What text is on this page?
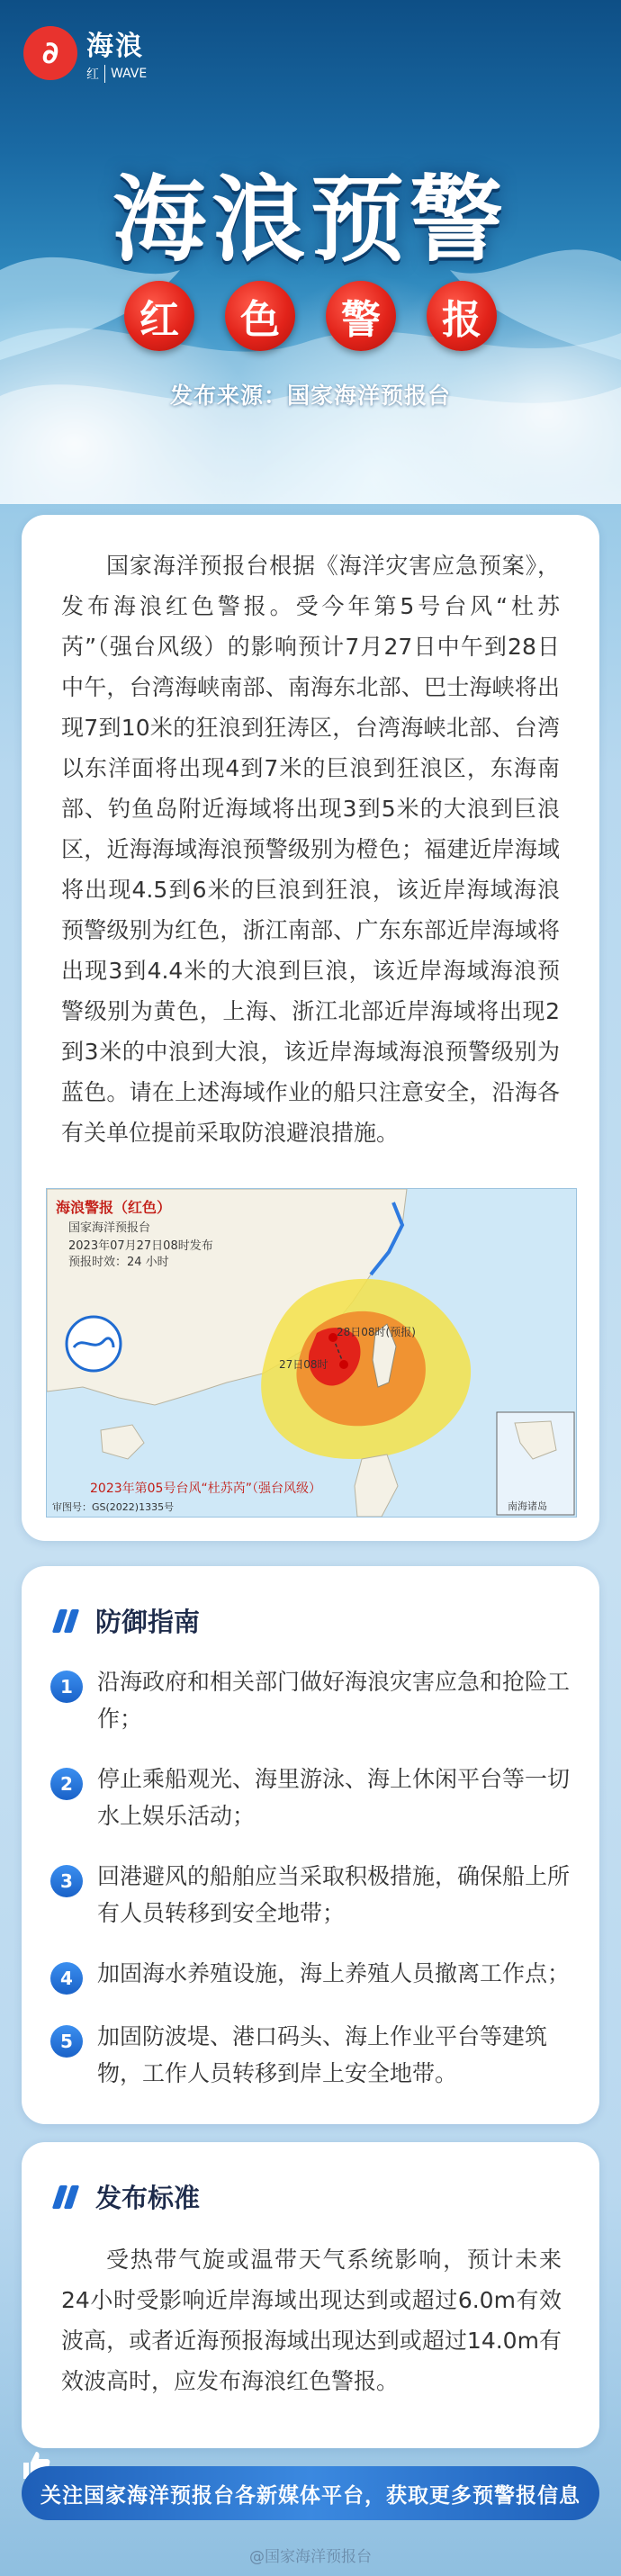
∂	海浪
红 WAVE
海浪预警
红	色	警	报
发布来源：国家海洋预报台
国家海洋预报台根据《海洋灾害应急预案》，发布海浪红色警报。受今年第5号台风“杜苏芮”（强台风级）的影响预计7月27日中午到28日中午，台湾海峡南部、南海东北部、巴士海峡将出现7到10米的狂浪到狂涛区，台湾海峡北部、台湾以东洋面将出现4到7米的巨浪到狂浪区，东海南部、钓鱼岛附近海域将出现3到5米的大浪到巨浪区，近海海域海浪预警级别为橙色；福建近岸海域将出现4.5到6米的巨浪到狂浪，该近岸海域海浪预警级别为红色，浙江南部、广东东部近岸海域将出现3到4.4米的大浪到巨浪，该近岸海域海浪预警级别为黄色，上海、浙江北部近岸海域将出现2到3米的中浪到大浪，该近岸海域海浪预警级别为蓝色。请在上述海域作业的船只注意安全，沿海各有关单位提前采取防浪避浪措施。
海浪警报（红色）
国家海洋预报台
2023年07月27日08时发布
预报时效：24 小时
27日08时
28日08时(预报)
2023年第05号台风“杜苏芮”（强台风级）
审图号：GS(2022)1335号	南海诸岛
防御指南
1	沿海政府和相关部门做好海浪灾害应急和抢险工作；
2	停止乘船观光、海里游泳、海上休闲平台等一切水上娱乐活动；
3	回港避风的船舶应当采取积极措施，确保船上所有人员转移到安全地带；
4	加固海水养殖设施，海上养殖人员撤离工作点；
5	加固防波堤、港口码头、海上作业平台等建筑物，工作人员转移到岸上安全地带。
发布标准
受热带气旋或温带天气系统影响，预计未来24小时受影响近岸海域出现达到或超过6.0m有效波高，或者近海预报海域出现达到或超过14.0m有效波高时，应发布海浪红色警报。
关注国家海洋预报台各新媒体平台，获取更多预警报信息
@国家海洋预报台
